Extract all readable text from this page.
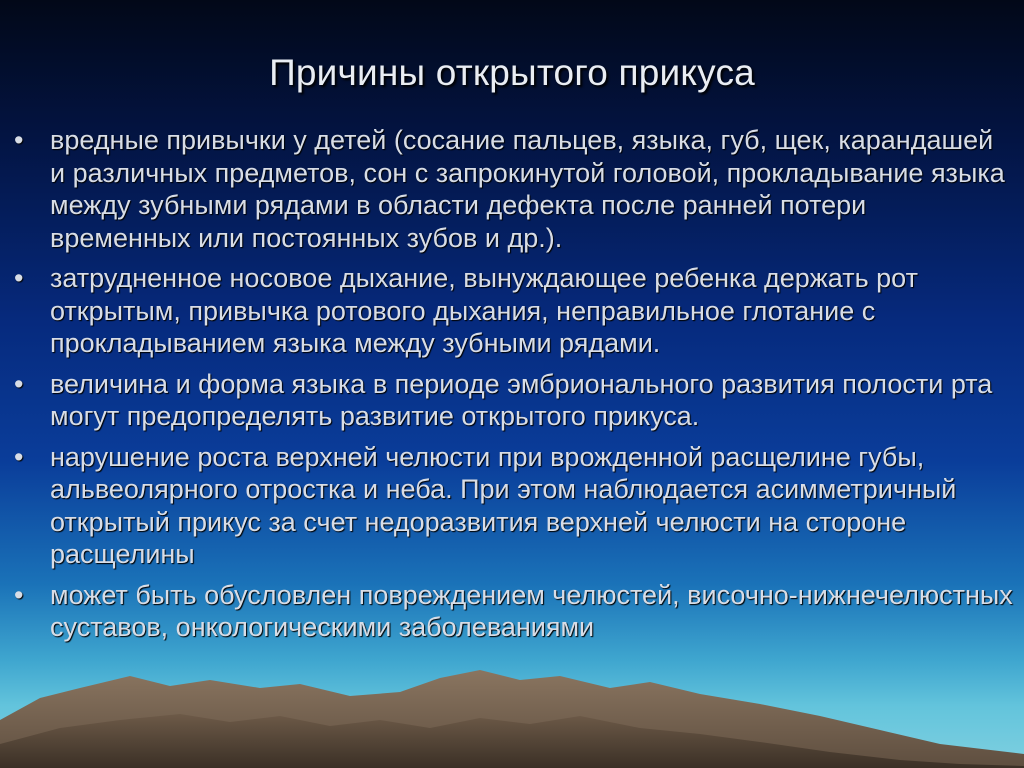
Причины открытого прикуса
• вредные привычки у детей (сосание пальцев, языка, губ, щек, карандашей и различных предметов, сон с запрокинутой головой, прокладывание языка между зубными рядами в области дефекта после ранней потери временных или постоянных зубов и др.).
• затрудненное носовое дыхание, вынуждающее ребенка держать рот открытым, привычка ротового дыхания, неправильное глотание с прокладыванием языка между зубными рядами.
• величина и форма языка в периоде эмбрионального развития полости рта могут предопределять развитие открытого прикуса.
• нарушение роста верхней челюсти при врожденной расщелине губы, альвеолярного отростка и неба. При этом наблюдается асимметричный открытый прикус за счет недоразвития верхней челюсти на стороне расщелины
• может быть обусловлен повреждением челюстей, височно-нижнечелюстных суставов, онкологическими заболеваниями
